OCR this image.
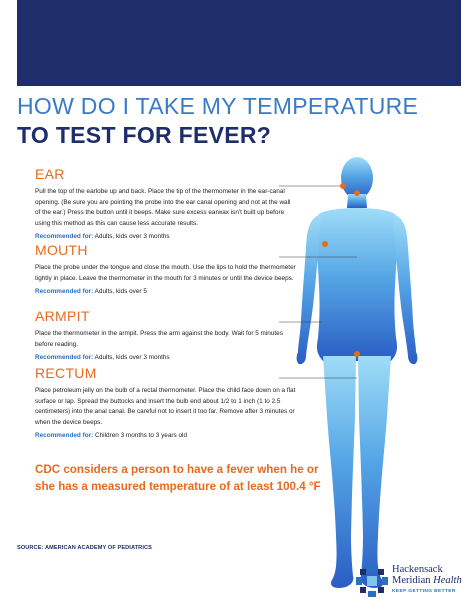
HOW DO I TAKE MY TEMPERATURE
TO TEST FOR FEVER?
EAR
Pull the top of the earlobe up and back. Place the tip of the thermometer in the ear-canal opening. (Be sure you are pointing the probe into the ear canal opening and not at the wall of the ear.) Press the button until it beeps. Make sure excess earwax isn't built up before using this method as this can cause less accurate results.
Recommended for: Adults, kids over 3 months
MOUTH
Place the probe under the tongue and close the mouth. Use the lips to hold the thermometer tightly in place. Leave the thermometer in the mouth for 3 minutes or until the device beeps.
Recommended for: Adults, kids over 5
ARMPIT
Place the thermometer in the armpit. Press the arm against the body. Wait for 5 minutes before reading.
Recommended for: Adults, kids over 3 months
RECTUM
Place petroleum jelly on the bulb of a rectal thermometer. Place the child face down on a flat surface or lap. Spread the buttocks and insert the bulb end about 1/2 to 1 inch (1 to 2.5 centimeters) into the anal canal. Be careful not to insert it too far. Remove after 3 minutes or when the device beeps.
Recommended for: Children 3 months to 3 years old
CDC considers a person to have a fever when he or she has a measured temperature of at least 100.4 °F
SOURCE: AMERICAN ACADEMY OF PEDIATRICS
Hackensack
Meridian Health
KEEP GETTING BETTER
